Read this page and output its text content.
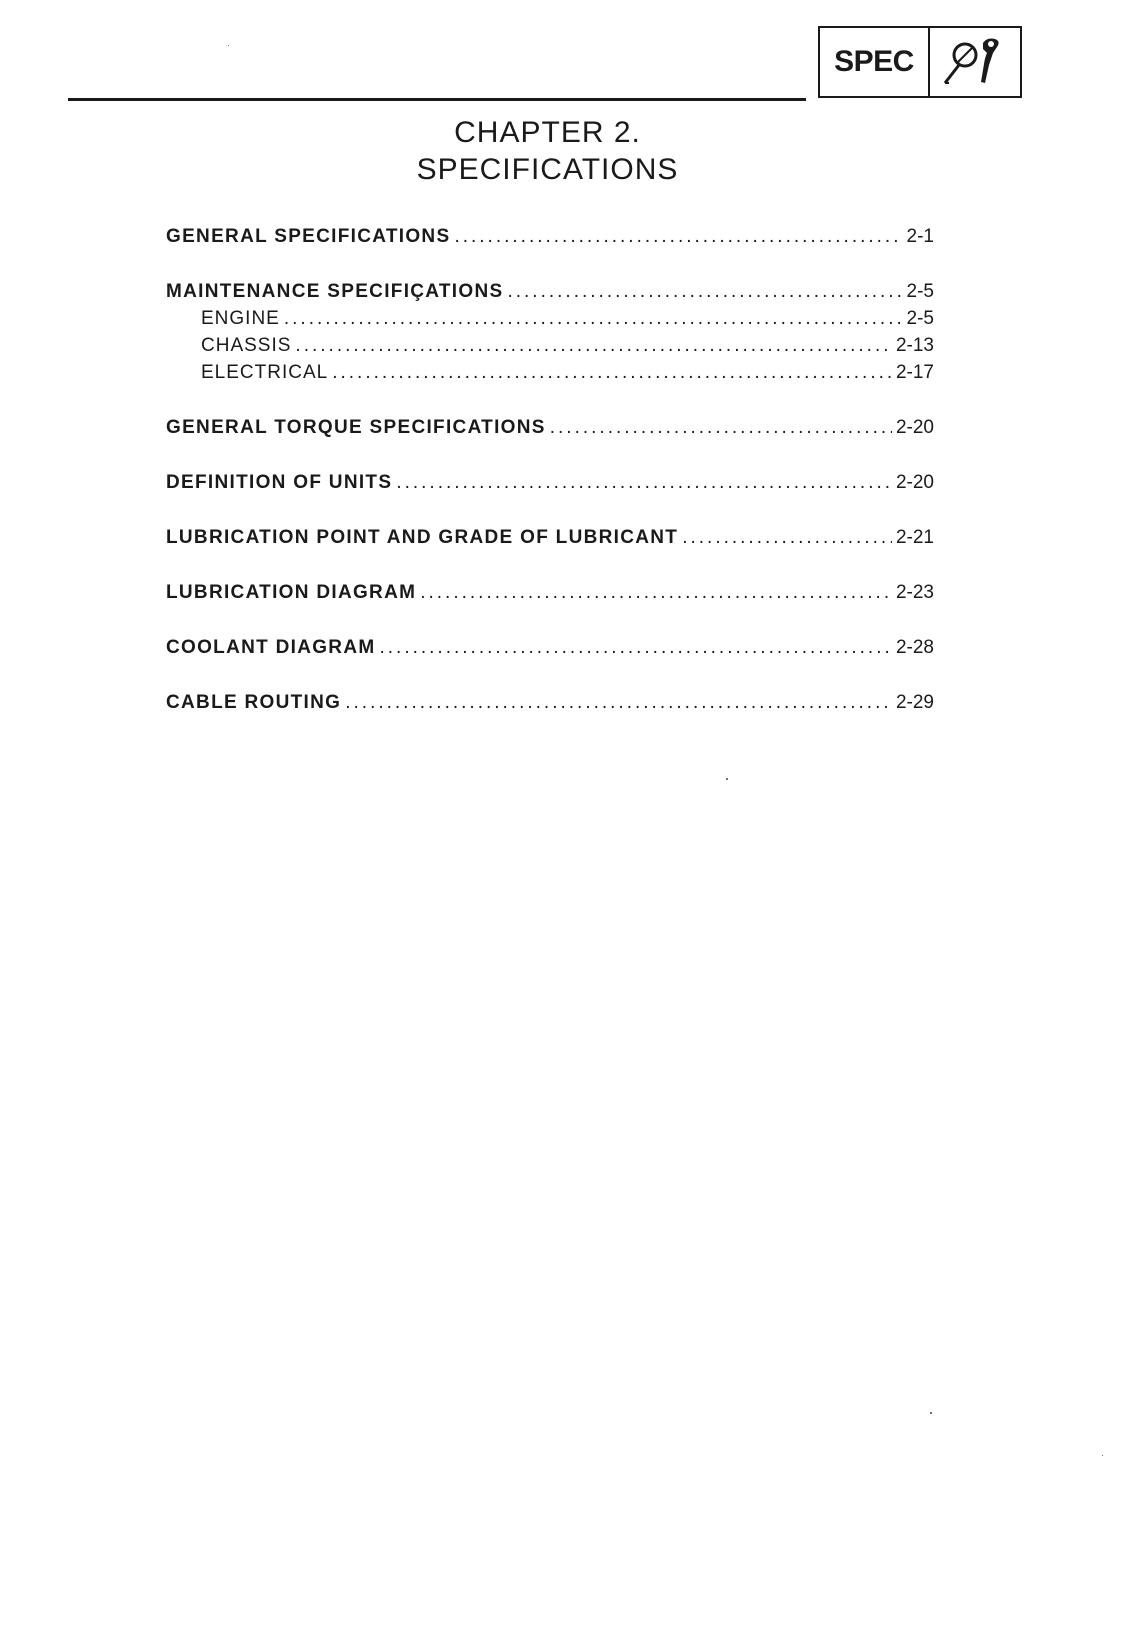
SPEC
CHAPTER 2.
SPECIFICATIONS
GENERAL SPECIFICATIONS .....	2-1
MAINTENANCE SPECIFIÇATIONS .....	2-5
ENGINE .....	2-5
CHASSIS .....	2-13
ELECTRICAL .....	2-17
GENERAL TORQUE SPECIFICATIONS .....	2-20
DEFINITION OF UNITS .....	2-20
LUBRICATION POINT AND GRADE OF LUBRICANT .....	2-21
LUBRICATION DIAGRAM .....	2-23
COOLANT DIAGRAM .....	2-28
CABLE ROUTING .....	2-29
